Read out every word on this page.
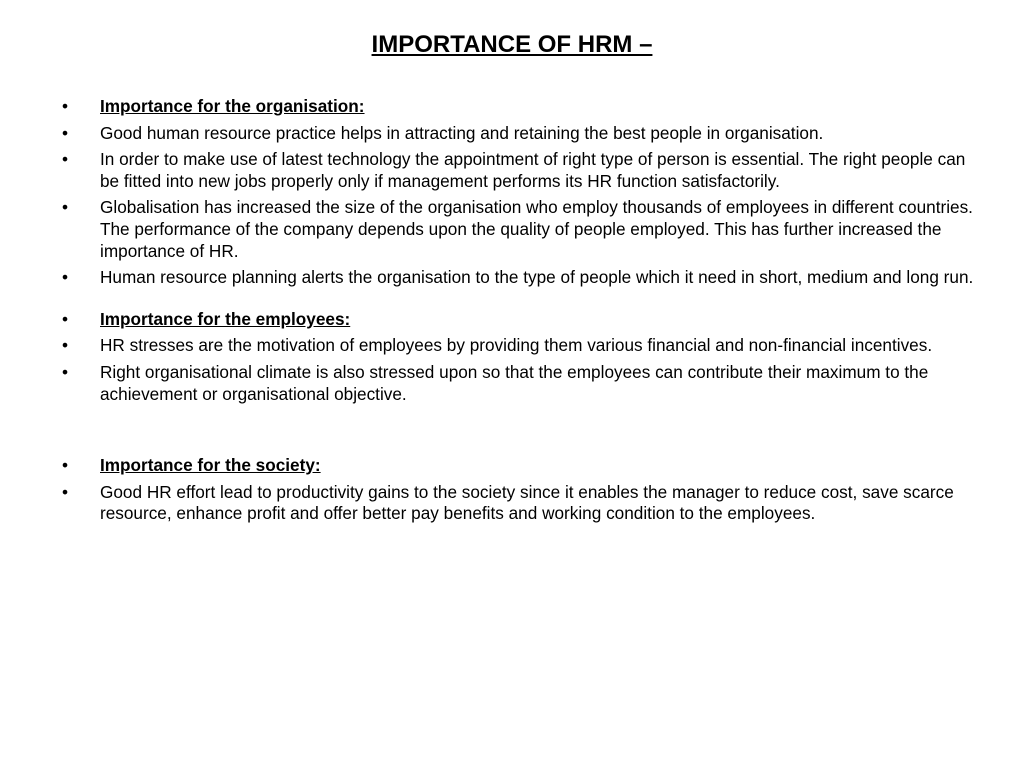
IMPORTANCE OF HRM –
• Importance for the organisation:
• Good human resource practice helps in attracting and retaining the best people in organisation.
• In order to make use of latest technology the appointment of right type of person is essential. The right people can be fitted into new jobs properly only if management performs its HR function satisfactorily.
• Globalisation has increased the size of the organisation who employ thousands of employees in different countries. The performance of the company depends upon the quality of people employed. This has further increased the importance of HR.
• Human resource planning alerts the organisation to the type of people which it need in short, medium and long run.
• Importance for the employees:
• HR stresses are the motivation of employees by providing them various financial and non-financial incentives.
• Right organisational climate is also stressed upon so that the employees can contribute their maximum to the achievement or organisational objective.
• Importance for the society:
• Good HR effort lead to productivity gains to the society since it enables the manager to reduce cost, save scarce resource, enhance profit and offer better pay benefits and working condition to the employees.
